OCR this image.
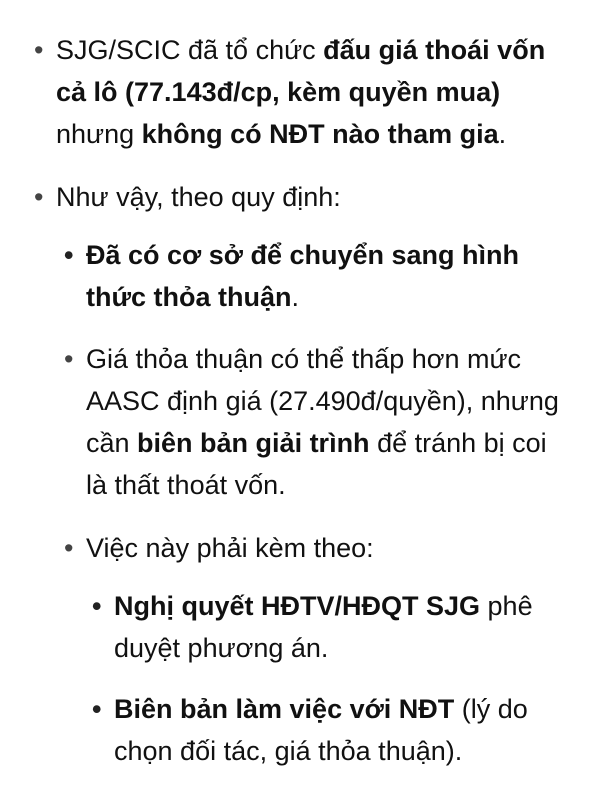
• SJG/SCIC đã tổ chức đấu giá thoái vốn cả lô (77.143đ/cp, kèm quyền mua) nhưng không có NĐT nào tham gia.
• Như vậy, theo quy định:
• Đã có cơ sở để chuyển sang hình thức thỏa thuận.
• Giá thỏa thuận có thể thấp hơn mức AASC định giá (27.490đ/quyền), nhưng cần biên bản giải trình để tránh bị coi là thất thoát vốn.
• Việc này phải kèm theo:
• Nghị quyết HĐTV/HĐQT SJG phê duyệt phương án.
• Biên bản làm việc với NĐT (lý do chọn đối tác, giá thỏa thuận).
